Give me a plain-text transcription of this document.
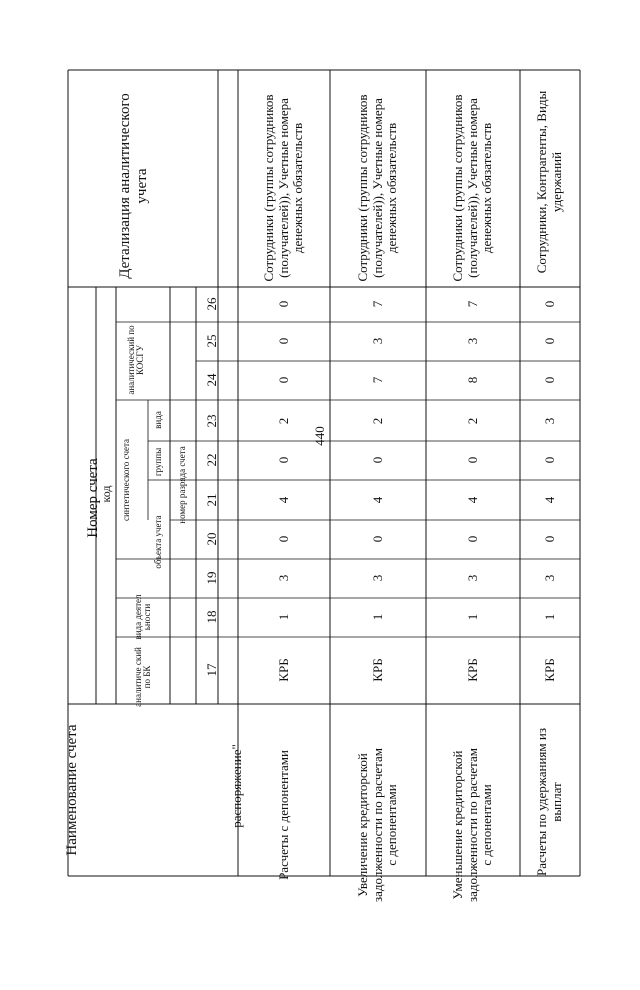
440
Наименование счета	распоряжение"
Номер счета
код
аналитиче ский по БК
вида деятел ьности
синтетического счета
объекта учета
группы
вида
аналитический по КОСГУ
номер разряда счета
Детализация аналитического учета
17
18
19
20
21
22
23
24
25
26
Расчеты с депонентами
КРБ
1
3
0
4
0
2
0
0
0
Сотрудники (группы сотрудников (получателей)), Учетные номера денежных обязательств
Увеличение кредиторской задолженности по расчетам с депонентами
КРБ
1
3
0
4
0
2
7
3
7
Сотрудники (группы сотрудников (получателей)), Учетные номера денежных обязательств
Уменьшение кредиторской задолженности по расчетам с депонентами
КРБ
1
3
0
4
0
2
8
3
7
Сотрудники (группы сотрудников (получателей)), Учетные номера денежных обязательств
Расчеты по удержаниям из выплат
КРБ
1
3
0
4
0
3
0
0
0
Сотрудники, Контрагенты, Виды удержаний
